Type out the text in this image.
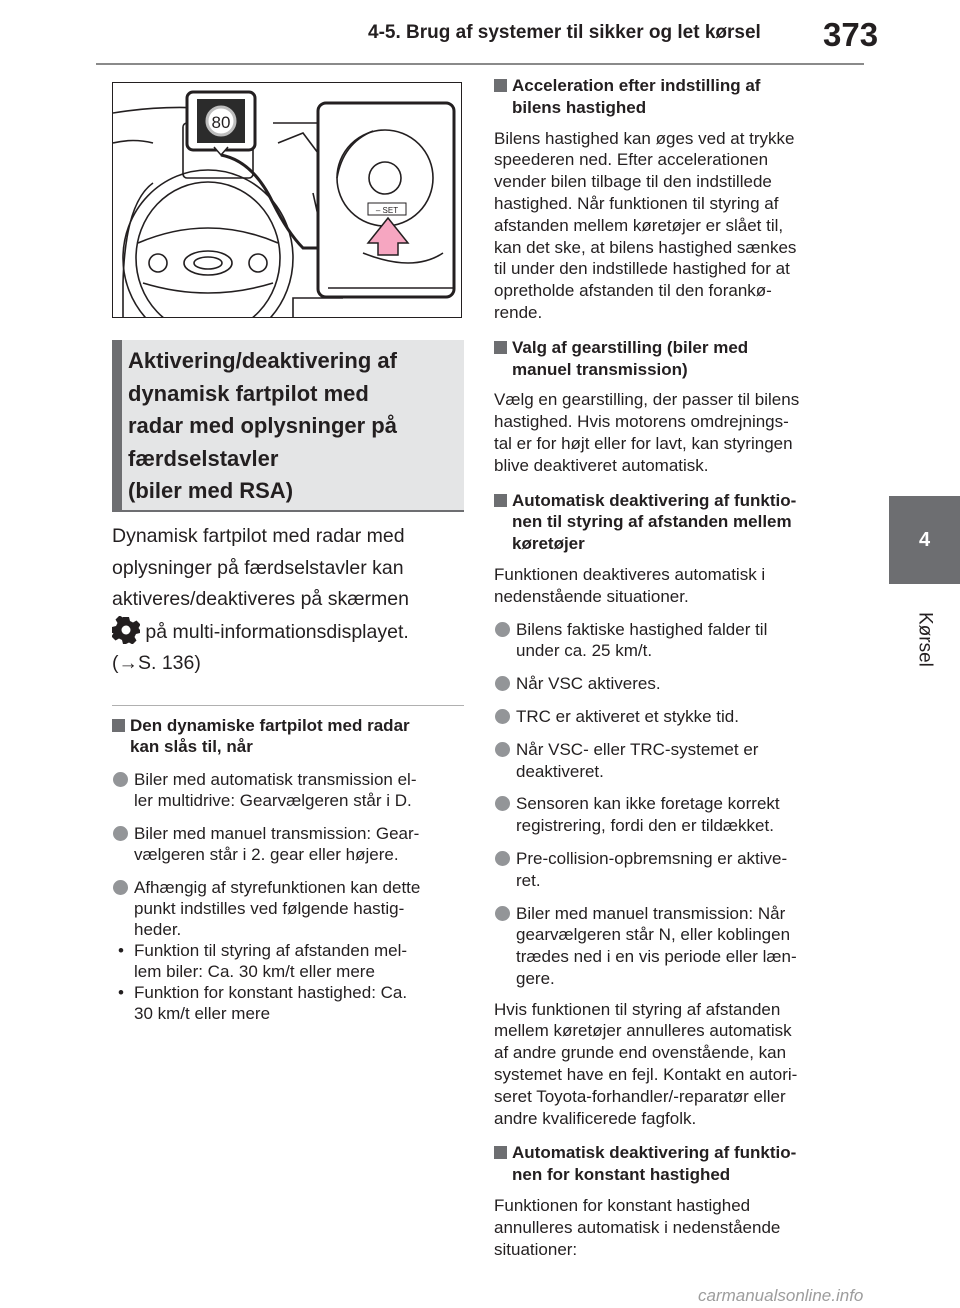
4-5. Brug af systemer til sikker og let kørsel 373
4
Kørsel
80
– SET
Aktivering/deaktivering af
dynamisk fartpilot med
radar med oplysninger på
færdselstavler
(biler med RSA)
Dynamisk fartpilot med radar med
oplysninger på færdselstavler kan
aktiveres/deaktiveres på skærmen
på multi-informationsdisplayet.
(→S. 136)

Den dynamiske fartpilot med radar
kan slås til, når

Biler med automatisk transmission el-
ler multidrive: Gearvælgeren står i D.

Biler med manuel transmission: Gear-
vælgeren står i 2. gear eller højere.

Afhængig af styrefunktionen kan dette
punkt indstilles ved følgende hastig-
heder.

• Funktion til styring af afstanden mel-
lem biler: Ca. 30 km/t eller mere

• Funktion for konstant hastighed: Ca.
30 km/t eller mere

Acceleration efter indstilling af
bilens hastighed

Bilens hastighed kan øges ved at trykke
speederen ned. Efter accelerationen
vender bilen tilbage til den indstillede
hastighed. Når funktionen til styring af
afstanden mellem køretøjer er slået til,
kan det ske, at bilens hastighed sænkes
til under den indstillede hastighed for at
opretholde afstanden til den forankø-
rende.

Valg af gearstilling (biler med
manuel transmission)

Vælg en gearstilling, der passer til bilens
hastighed. Hvis motorens omdrejnings-
tal er for højt eller for lavt, kan styringen
blive deaktiveret automatisk.

Automatisk deaktivering af funktio-
nen til styring af afstanden mellem
køretøjer

Funktionen deaktiveres automatisk i
nedenstående situationer.

Bilens faktiske hastighed falder til
under ca. 25 km/t.

Når VSC aktiveres.

TRC er aktiveret et stykke tid.

Når VSC- eller TRC-systemet er
deaktiveret.

Sensoren kan ikke foretage korrekt
registrering, fordi den er tildækket.

Pre-collision-opbremsning er aktive-
ret.

Biler med manuel transmission: Når
gearvælgeren står N, eller koblingen
trædes ned i en vis periode eller læn-
gere.

Hvis funktionen til styring af afstanden
mellem køretøjer annulleres automatisk
af andre grunde end ovenstående, kan
systemet have en fejl. Kontakt en autori-
seret Toyota-forhandler/-reparatør eller
andre kvalificerede fagfolk.

Automatisk deaktivering af funktio-
nen for konstant hastighed

Funktionen for konstant hastighed
annulleres automatisk i nedenstående
situationer:

carmanualsonline.info
